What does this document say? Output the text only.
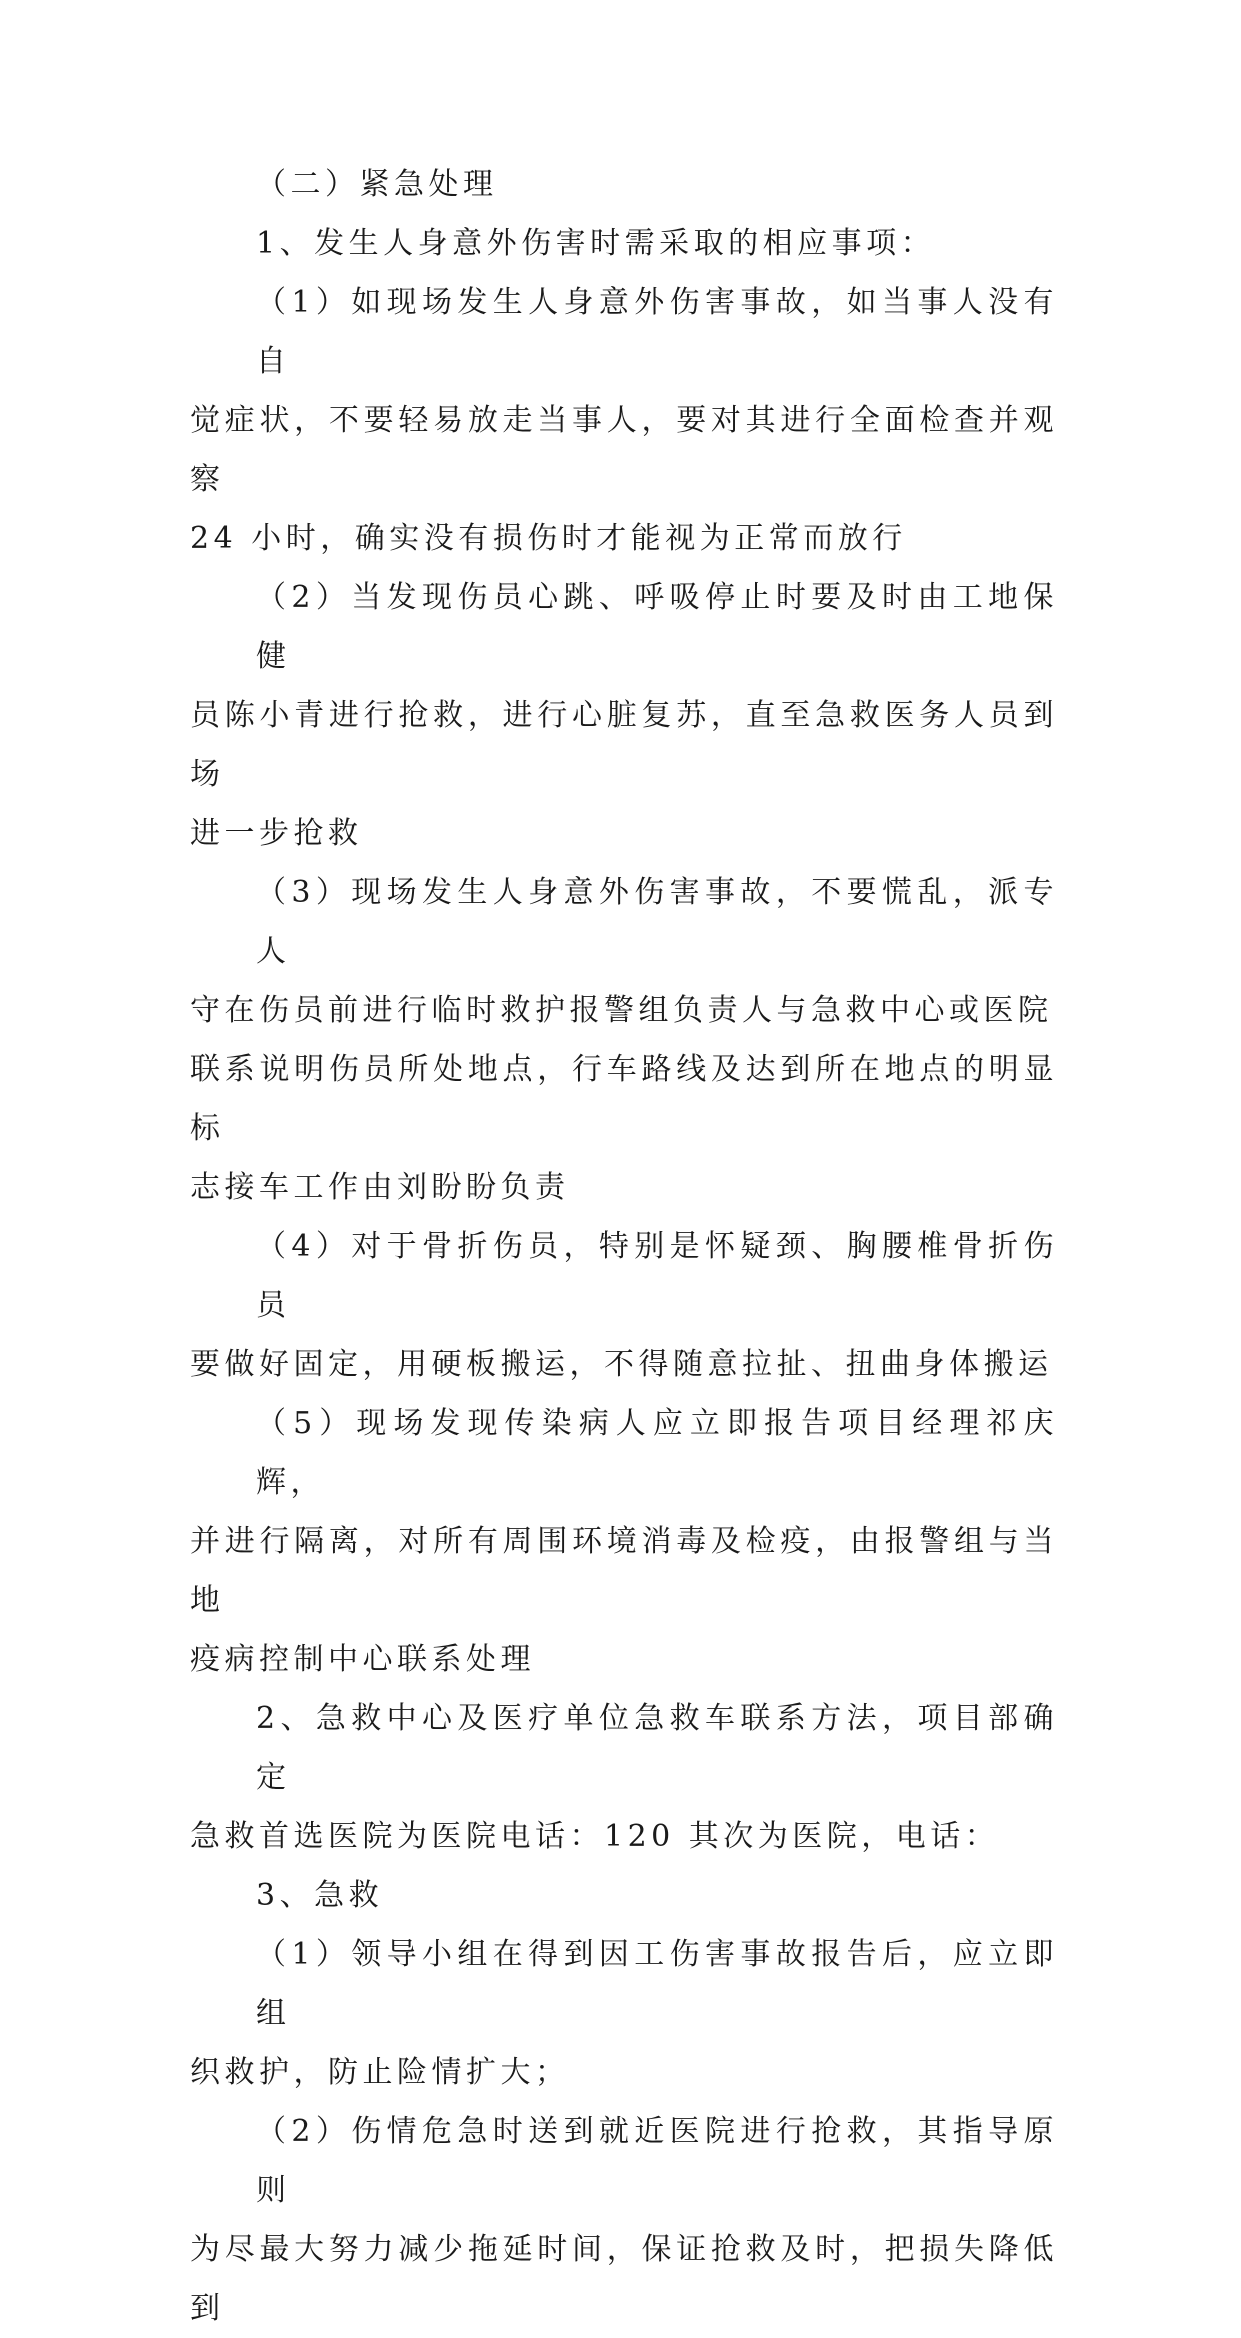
（二）紧急处理

1、发生人身意外伤害时需采取的相应事项：

（1）如现场发生人身意外伤害事故，如当事人没有自
觉症状，不要轻易放走当事人，要对其进行全面检查并观察
24 小时，确实没有损伤时才能视为正常而放行

（2）当发现伤员心跳、呼吸停止时要及时由工地保健
员陈小青进行抢救，进行心脏复苏，直至急救医务人员到场
进一步抢救

（3）现场发生人身意外伤害事故，不要慌乱，派专人
守在伤员前进行临时救护报警组负责人与急救中心或医院
联系说明伤员所处地点，行车路线及达到所在地点的明显标
志接车工作由刘盼盼负责

（4）对于骨折伤员，特别是怀疑颈、胸腰椎骨折伤员
要做好固定，用硬板搬运，不得随意拉扯、扭曲身体搬运

（5）现场发现传染病人应立即报告项目经理祁庆辉，
并进行隔离，对所有周围环境消毒及检疫，由报警组与当地
疫病控制中心联系处理

2、急救中心及医疗单位急救车联系方法，项目部确定
急救首选医院为医院电话：120 其次为医院，电话：

3、急救

（1）领导小组在得到因工伤害事故报告后，应立即组
织救护，防止险情扩大；

（2）伤情危急时送到就近医院进行抢救，其指导原则
为尽最大努力减少拖延时间，保证抢救及时，把损失降低到
